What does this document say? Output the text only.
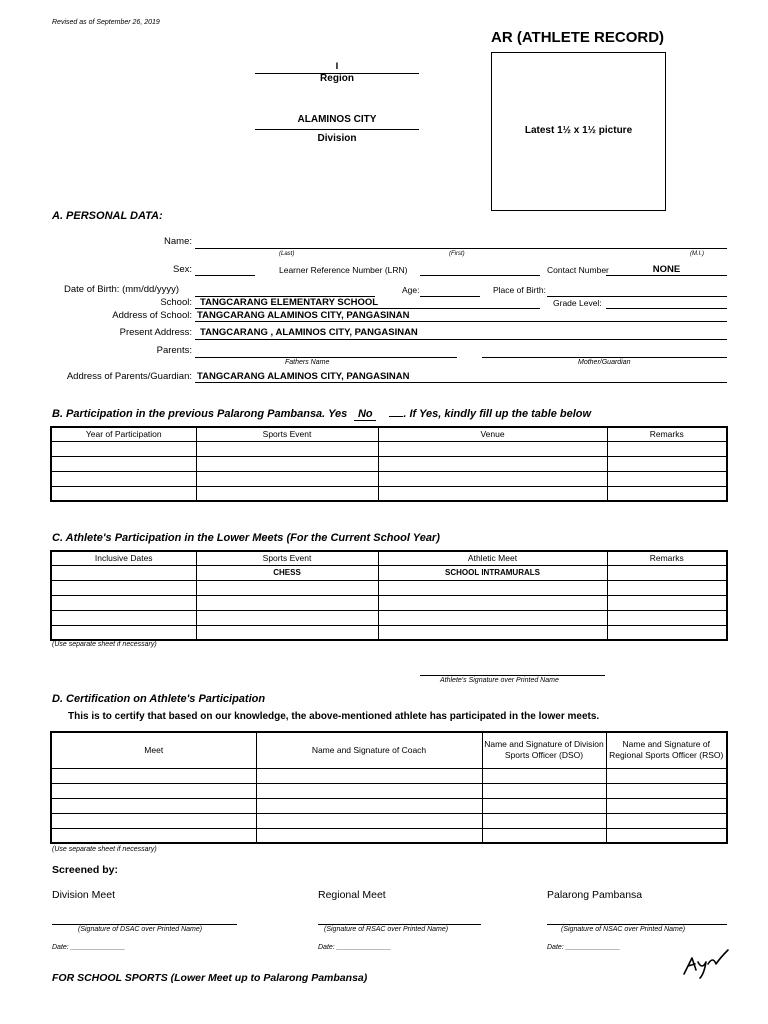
Revised as of September 26, 2019
AR (ATHLETE RECORD)
I
Region
ALAMINOS CITY
Division
Latest 1½ x 1½ picture
A. PERSONAL DATA:
Name:
(Last)	(First)	(M.I.)
Sex:	Learner Reference Number (LRN)	Contact Number	NONE
Date of Birth: (mm/dd/yyyy)	Age:	Place of Birth:
School: TANGCARANG ELEMENTARY SCHOOL	Grade Level:
Address of School: TANGCARANG ALAMINOS CITY, PANGASINAN
Present Address: TANGCARANG , ALAMINOS CITY, PANGASINAN
Parents:
Fathers Name	Mother/Guardian
Address of Parents/Guardian: TANGCARANG ALAMINOS CITY, PANGASINAN
B. Participation in the previous Palarong Pambansa. Yes No	. If Yes, kindly fill up the table below
Year of Participation	Sports Event	Venue	Remarks

C. Athlete's Participation in the Lower Meets (For the Current School Year)
Inclusive Dates	Sports Event	Athletic Meet	Remarks
	CHESS	SCHOOL INTRAMURALS	

(Use separate sheet if necessary)
Athlete's Signature over Printed Name
D. Certification on Athlete's Participation
This is to certify that based on our knowledge, the above-mentioned athlete has participated in the lower meets.
Meet	Name and Signature of Coach	Name and Signature of Division Sports Officer (DSO)	Name and Signature of Regional Sports Officer (RSO)

(Use separate sheet if necessary)
Screened by:
Division Meet	Regional Meet	Palarong Pambansa
(Signature of DSAC over Printed Name)	(Signature of RSAC over Printed Name)	(Signature of NSAC over Printed Name)
Date: ______________	Date: ______________	Date: ______________
FOR SCHOOL SPORTS (Lower Meet up to Palarong Pambansa)
